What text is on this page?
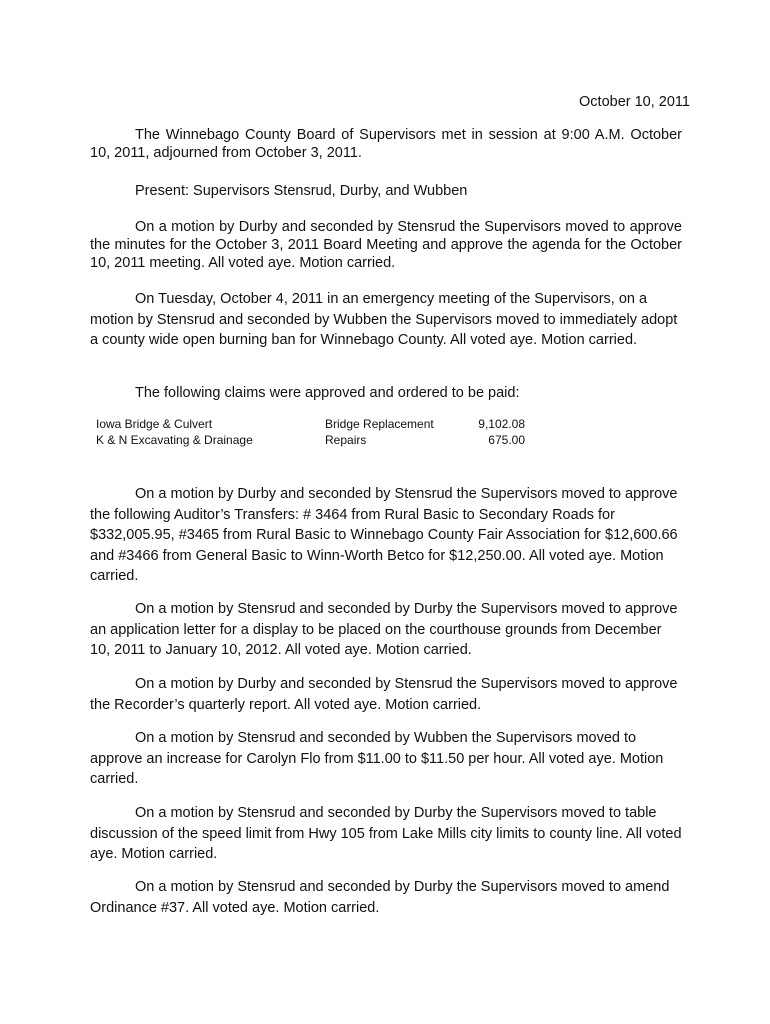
October 10, 2011

The Winnebago County Board of Supervisors met in session at 9:00 A.M. October 10, 2011, adjourned from October 3, 2011.

Present: Supervisors Stensrud, Durby, and Wubben

On a motion by Durby and seconded by Stensrud the Supervisors moved to approve the minutes for the October 3, 2011 Board Meeting and approve the agenda for the October 10, 2011 meeting. All voted aye. Motion carried.

On Tuesday, October 4, 2011 in an emergency meeting of the Supervisors, on a motion by Stensrud and seconded by Wubben the Supervisors moved to immediately adopt a county wide open burning ban for Winnebago County. All voted aye. Motion carried.

The following claims were approved and ordered to be paid:

Iowa Bridge & Culvert	Bridge Replacement	9,102.08
K & N Excavating & Drainage	Repairs	675.00

On a motion by Durby and seconded by Stensrud the Supervisors moved to approve the following Auditor’s Transfers: # 3464 from Rural Basic to Secondary Roads for $332,005.95, #3465 from Rural Basic to Winnebago County Fair Association for $12,600.66 and #3466 from General Basic to Winn-Worth Betco for $12,250.00. All voted aye. Motion carried.

On a motion by Stensrud and seconded by Durby the Supervisors moved to approve an application letter for a display to be placed on the courthouse grounds from December 10, 2011 to January 10, 2012. All voted aye. Motion carried.

On a motion by Durby and seconded by Stensrud the Supervisors moved to approve the Recorder’s quarterly report. All voted aye. Motion carried.

On a motion by Stensrud and seconded by Wubben the Supervisors moved to approve an increase for Carolyn Flo from $11.00 to $11.50 per hour. All voted aye. Motion carried.

On a motion by Stensrud and seconded by Durby the Supervisors moved to table discussion of the speed limit from Hwy 105 from Lake Mills city limits to county line. All voted aye. Motion carried.

On a motion by Stensrud and seconded by Durby the Supervisors moved to amend Ordinance #37. All voted aye. Motion carried.
